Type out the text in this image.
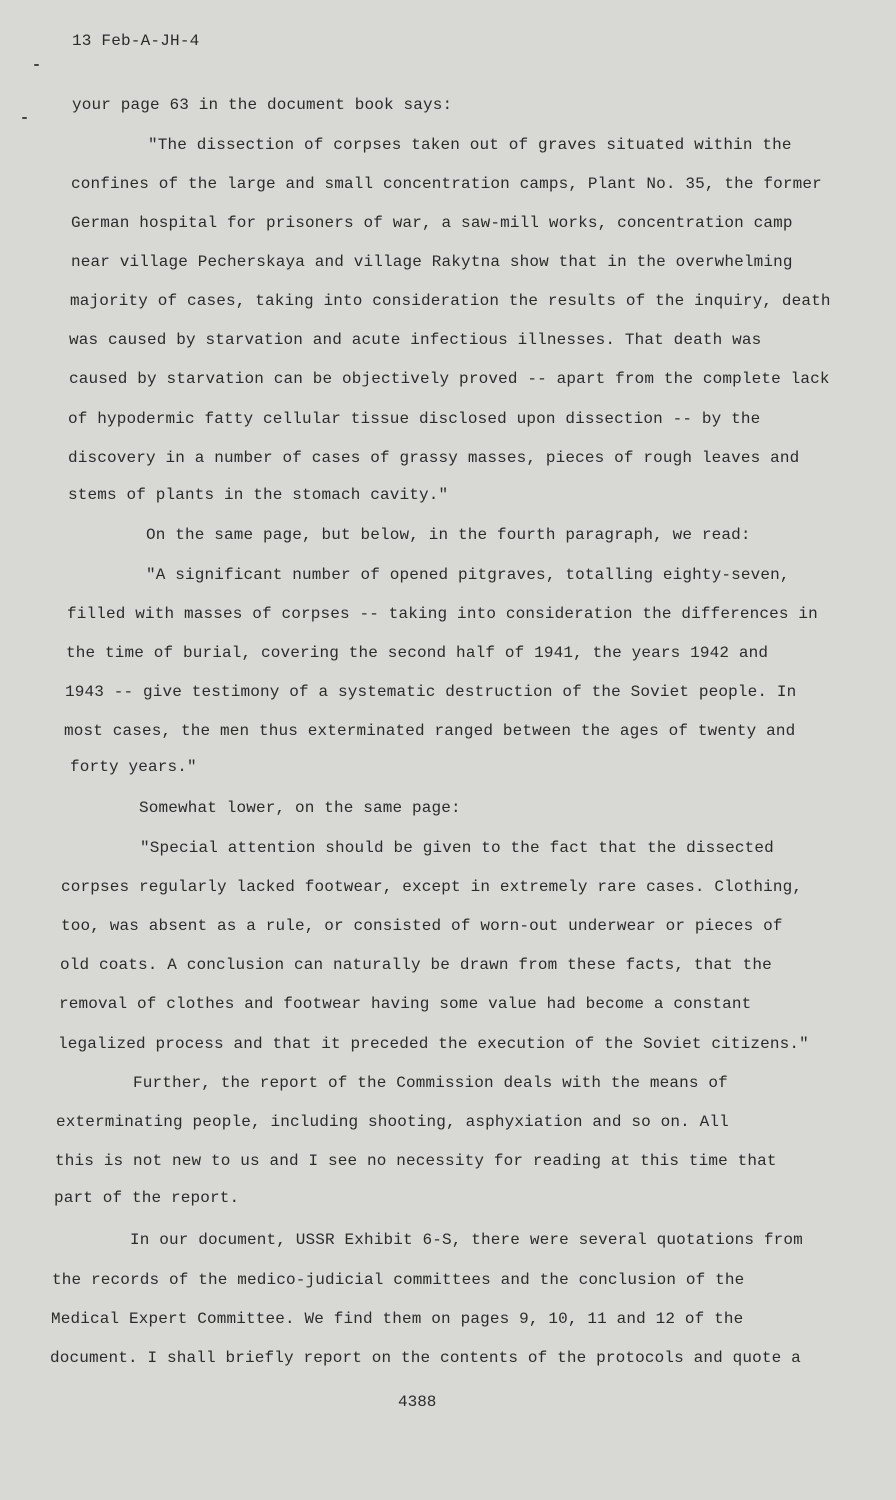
13 Feb-A-JH-4
your page 63 in the document book says:
"The dissection of corpses taken out of graves situated within the
confines of the large and small concentration camps, Plant No. 35, the former
German hospital for prisoners of war, a saw-mill works, concentration camp
near village Pecherskaya and village Rakytna show that in the overwhelming
majority of cases, taking into consideration the results of the inquiry, death
was caused by starvation and acute infectious illnesses. That death was
caused by starvation can be objectively proved -- apart from the complete lack
of hypodermic fatty cellular tissue disclosed upon dissection -- by the
discovery in a number of cases of grassy masses, pieces of rough leaves and
stems of plants in the stomach cavity."
On the same page, but below, in the fourth paragraph, we read:
"A significant number of opened pitgraves, totalling eighty-seven,
filled with masses of corpses -- taking into consideration the differences in
the time of burial, covering the second half of 1941, the years 1942 and
1943 -- give testimony of a systematic destruction of the Soviet people. In
most cases, the men thus exterminated ranged between the ages of twenty and
forty years."
Somewhat lower, on the same page:
"Special attention should be given to the fact that the dissected
corpses regularly lacked footwear, except in extremely rare cases. Clothing,
too, was absent as a rule, or consisted of worn-out underwear or pieces of
old coats. A conclusion can naturally be drawn from these facts, that the
removal of clothes and footwear having some value had become a constant
legalized process and that it preceded the execution of the Soviet citizens."
Further, the report of the Commission deals with the means of
exterminating people, including shooting, asphyxiation and so on. All
this is not new to us and I see no necessity for reading at this time that
part of the report.
In our document, USSR Exhibit 6-S, there were several quotations from
the records of the medico-judicial committees and the conclusion of the
Medical Expert Committee. We find them on pages 9, 10, 11 and 12 of the
document. I shall briefly report on the contents of the protocols and quote a
4388
